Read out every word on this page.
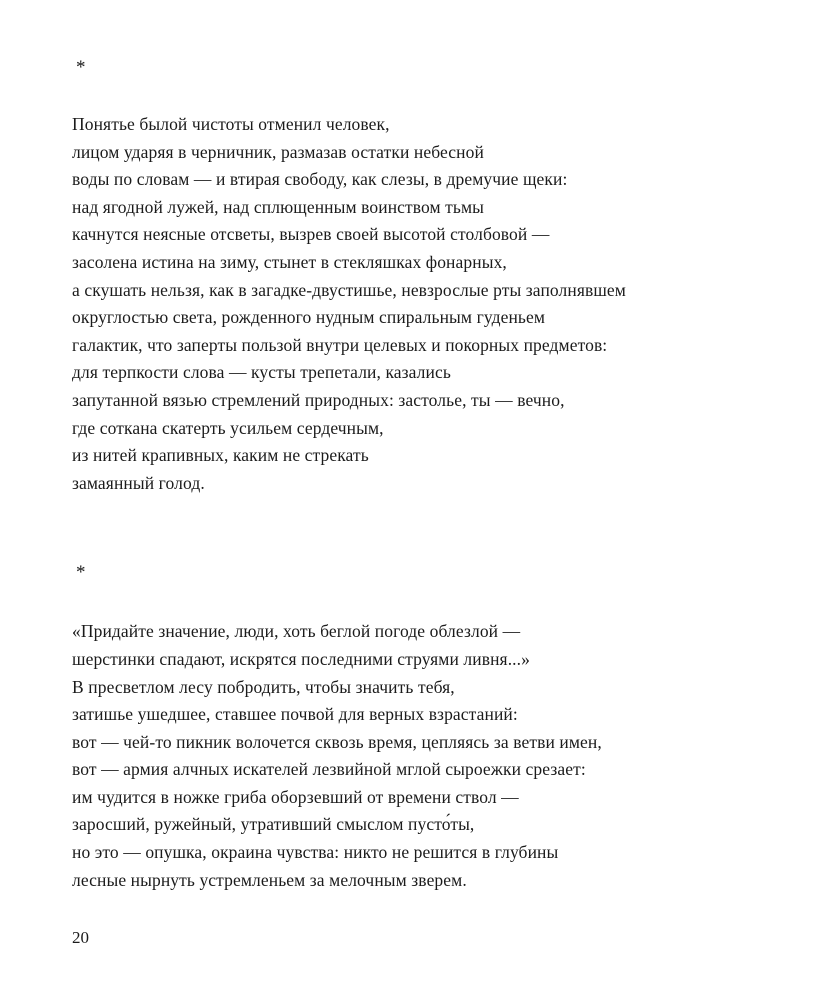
*
Понятье былой чистоты отменил человек,
лицом ударяя в черничник, размазав остатки небесной
воды по словам — и втирая свободу, как слезы, в дремучие щеки:
над ягодной лужей, над сплющенным воинством тьмы
качнутся неясные отсветы, вызрев своей высотой столбовой —
засолена истина на зиму, стынет в стекляшках фонарных,
а скушать нельзя, как в загадке-двустишье, невзрослые рты заполнявшем
округлостью света, рожденного нудным спиральным гуденьем
галактик, что заперты пользой внутри целевых и покорных предметов:
для терпкости слова — кусты трепетали, казались
запутанной вязью стремлений природных: застолье, ты — вечно,
где соткана скатерть усильем сердечным,
из нитей крапивных, каким не стрекать
замаянный голод.
*
«Придайте значение, люди, хоть беглой погоде облезлой —
шерстинки спадают, искрятся последними струями ливня...»
В пресветлом лесу побродить, чтобы значить тебя,
затишье ушедшее, ставшее почвой для верных взрастаний:
вот — чей-то пикник волочется сквозь время, цепляясь за ветви имен,
вот — армия алчных искателей лезвийной мглой сыроежки срезает:
им чудится в ножке гриба оборзевший от времени ствол —
заросший, ружейный, утративший смыслом пусто́ты,
но это — опушка, окраина чувства: никто не решится в глубины
лесные нырнуть устремленьем за мелочным зверем.
20
